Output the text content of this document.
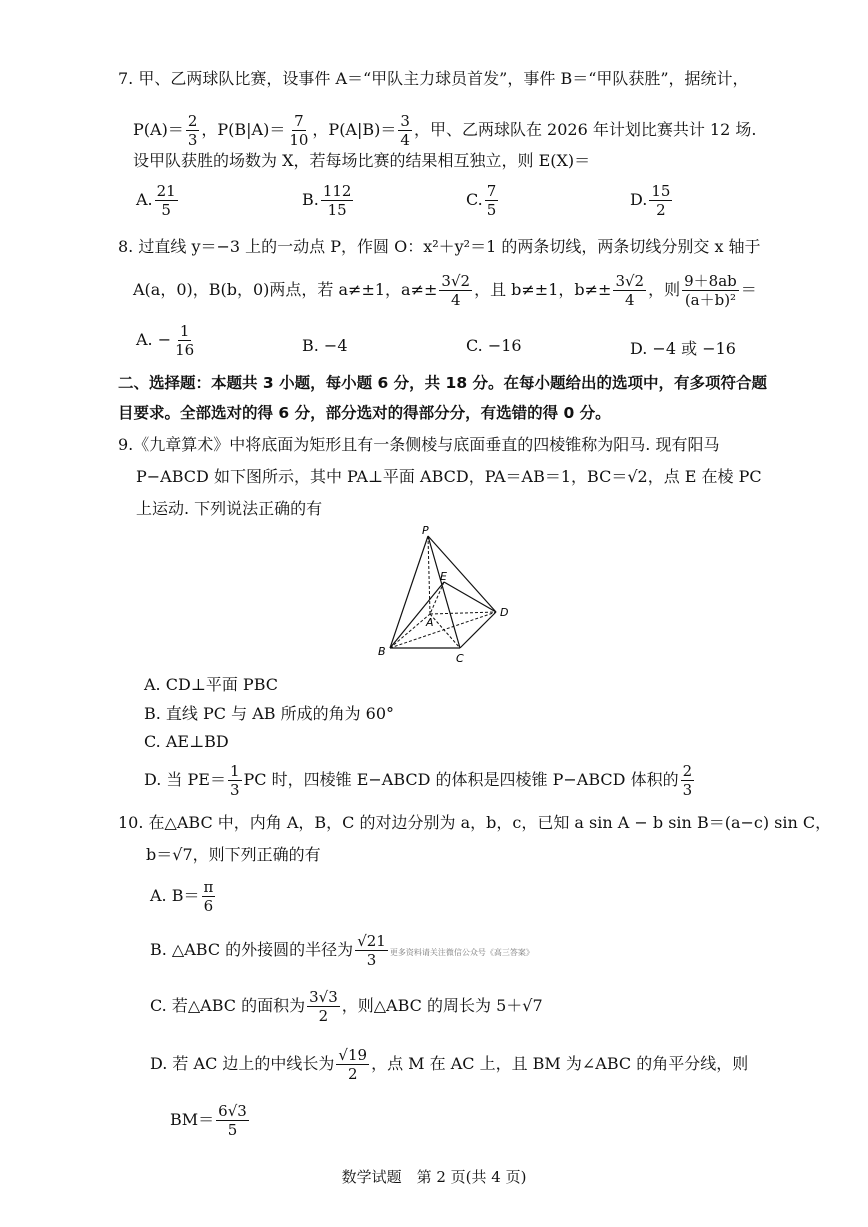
7. 甲、乙两球队比赛，设事件 A＝“甲队主力球员首发”，事件 B＝“甲队获胜”，据统计，
$P(A)= \frac{2}{3}$ ，$P(B|A)= \frac{7}{10}$ ，$P(A|B)= \frac{3}{4}$ ，甲、乙两球队在 2026 年计划比赛共计 12 场.
设甲队获胜的场数为 X，若每场比赛的结果相互独立，则 E(X)＝
A. $\frac{21}{5}$	B. $\frac{112}{15}$	C. $\frac{7}{5}$	D. $\frac{15}{2}$
8. 过直线 y＝−3 上的一动点 P，作圆 O：x²＋y²＝1 的两条切线，两条切线分别交 x 轴于
A(a，0)，B(b，0)两点，若 a≠±1，$a\ne\pm \frac{3√2}{4}$ ，且 b≠±1，$b\ne\pm \frac{3√2}{4}$ ，则 $\frac{9+8ab}{\text{(a＋b)²}}$ ＝
A. − $\frac{1}{16}$	B. −4	C. −16	D. −4 或 −16
二、选择题：本题共 3 小题，每小题 6 分，共 18 分。在每小题给出的选项中，有多项符合题
目要求。全部选对的得 6 分，部分选对的得部分分，有选错的得 0 分。
9.《九章算术》中将底面为矩形且有一条侧棱与底面垂直的四棱锥称为阳马. 现有阳马
P−ABCD 如下图所示，其中 PA⊥平面 ABCD，PA＝AB＝1，BC＝√2，点 E 在棱 PC
上运动. 下列说法正确的有
P
E
A
B
C
D
A. CD⊥平面 PBC
B. 直线 PC 与 AB 所成的角为 60°
C. AE⊥BD
D. 当 $PE= \frac{1}{3}$ PC 时，四棱锥 E−ABCD 的体积是四棱锥 P−ABCD 体积的 $\frac{2}{3}$
10. 在△ABC 中，内角 A，B，C 的对边分别为 a，b，c，已知 a sin A − b sin B＝(a−c) sin C，
b＝√7，则下列正确的有
A. $B= \frac{\pi}{6}$
B. △ABC 的外接圆的半径为 $\frac{√21}{3}$ 更多资料请关注微信公众号《高三答案》
C. 若△ABC 的面积为 $\frac{3√3}{2}$ ，则△ABC 的周长为 5＋√7
D. 若 AC 边上的中线长为 $\frac{√19}{2}$ ，点 M 在 AC 上，且 BM 为∠ABC 的角平分线，则
$BM= \frac{6√3}{5}$
数学试题　第 2 页(共 4 页)
